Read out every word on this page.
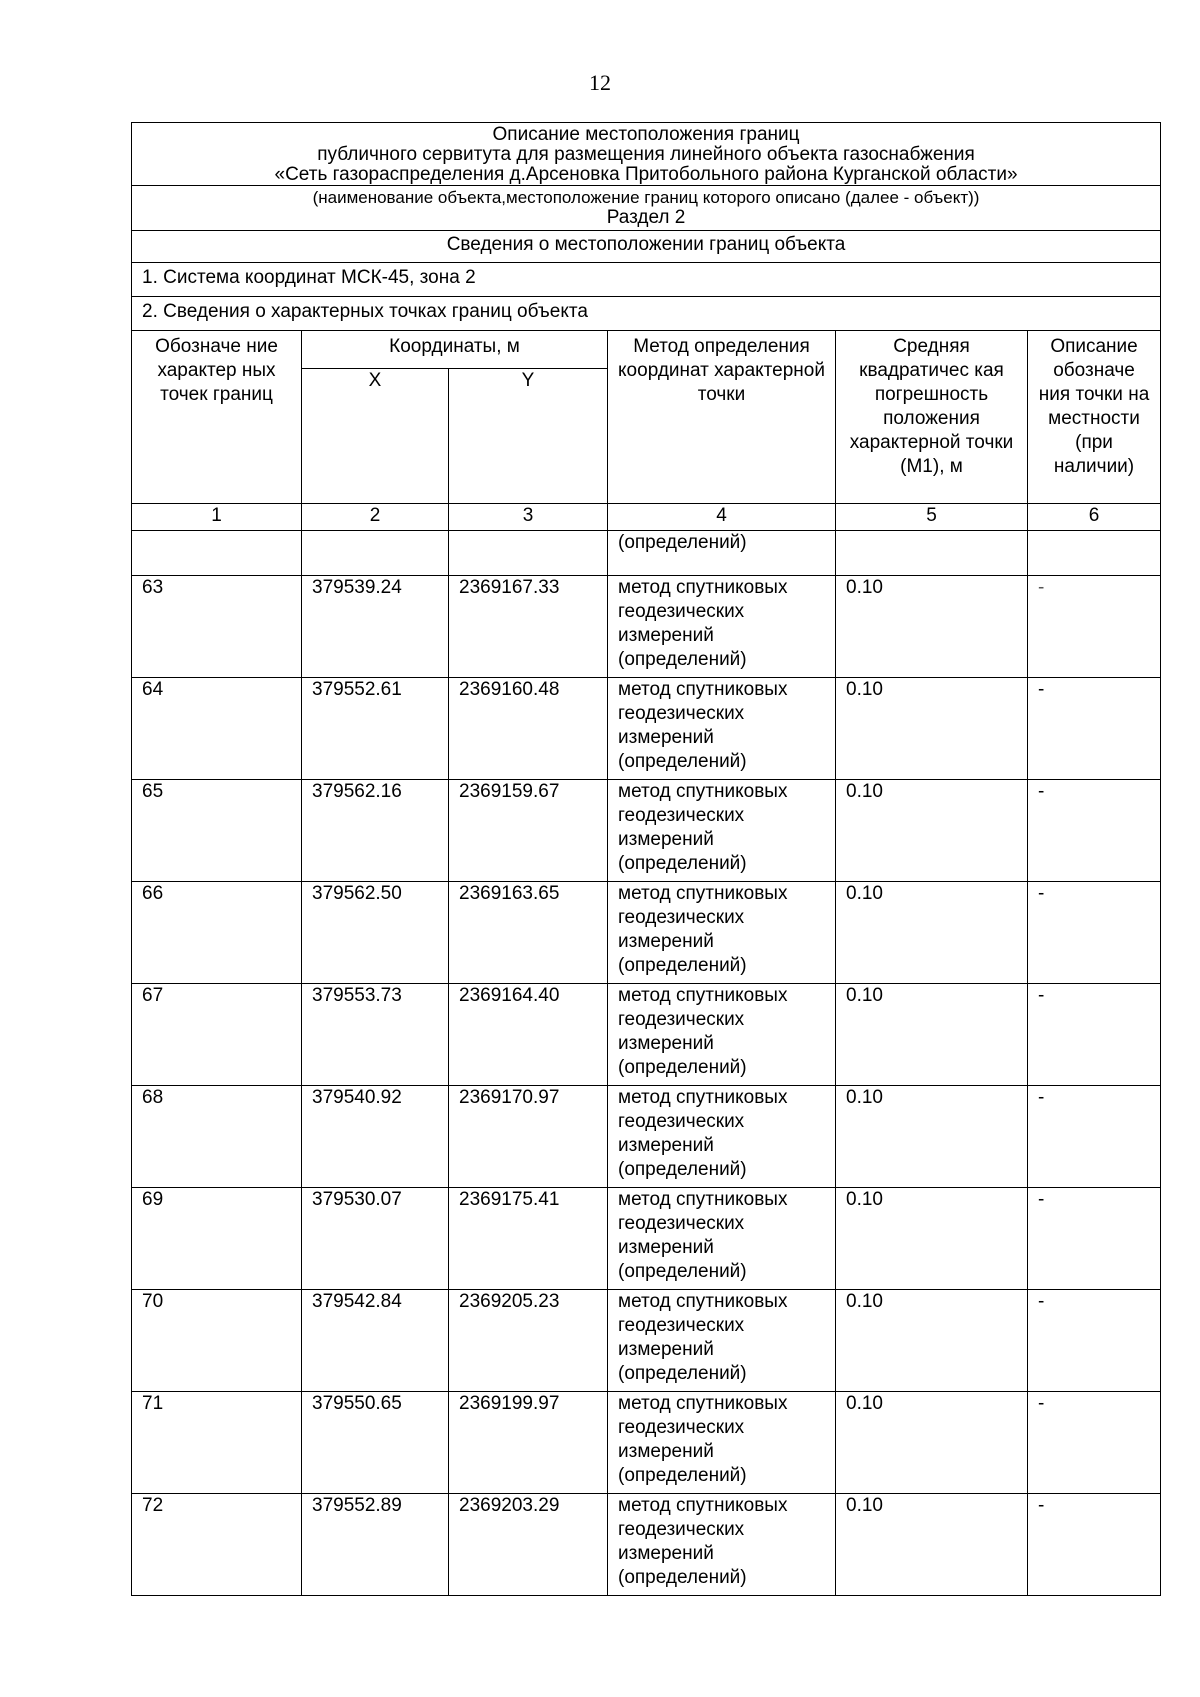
12
Описание местоположения границ
публичного сервитута для размещения линейного объекта газоснабжения
«Сеть газораспределения д.Арсеновка Притобольного района Курганской области»					

(наименование объекта,местоположение границ которого описано (далее - объект))
Раздел 2					

Сведения о местоположении границ объекта					
1. Система координат МСК-45, зона 2					
2. Сведения о характерных точках границ объекта					
Обозначе ние характер ных точек границ	Координаты, м		Метод определения координат характерной точки	Средняя квадратичес кая погрешность положения характерной точки (M1), м	Описание обозначе ния точки на местности (при наличии)
	X	Y			
1	2	3	4	5	6
			(определений)		
63	379539.24	2369167.33	метод спутниковых геодезических измерений (определений)	0.10	-
64	379552.61	2369160.48	метод спутниковых геодезических измерений (определений)	0.10	-
65	379562.16	2369159.67	метод спутниковых геодезических измерений (определений)	0.10	-
66	379562.50	2369163.65	метод спутниковых геодезических измерений (определений)	0.10	-
67	379553.73	2369164.40	метод спутниковых геодезических измерений (определений)	0.10	-
68	379540.92	2369170.97	метод спутниковых геодезических измерений (определений)	0.10	-
69	379530.07	2369175.41	метод спутниковых геодезических измерений (определений)	0.10	-
70	379542.84	2369205.23	метод спутниковых геодезических измерений (определений)	0.10	-
71	379550.65	2369199.97	метод спутниковых геодезических измерений (определений)	0.10	-
72	379552.89	2369203.29	метод спутниковых геодезических измерений (определений)	0.10	-
